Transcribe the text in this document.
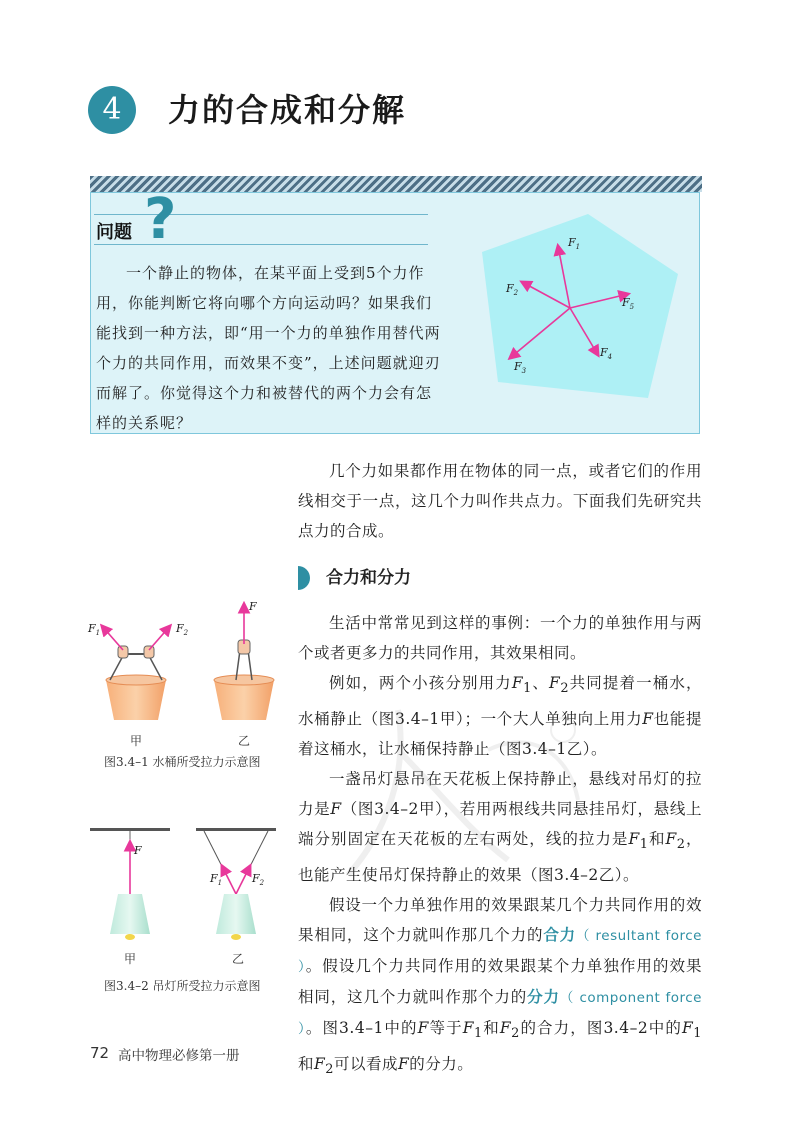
4	力的合成和分解
问题 ?
一个静止的物体，在某平面上受到5个力作用，你能判断它将向哪个方向运动吗？如果我们能找到一种方法，即“用一个力的单独作用替代两个力的共同作用，而效果不变”，上述问题就迎刃而解了。你觉得这个力和被替代的两个力会有怎样的关系呢？
$F_1$
$F_2$
$F_3$
$F_4$
$F_5$
几个力如果都作用在物体的同一点，或者它们的作用线相交于一点，这几个力叫作共点力。下面我们先研究共点力的合成。
合力和分力
生活中常常见到这样的事例：一个力的单独作用与两个或者更多力的共同作用，其效果相同。
例如，两个小孩分别用力$F_1$、$F_2$共同提着一桶水，水桶静止（图3.4–1甲）；一个大人单独向上用力F也能提着这桶水，让水桶保持静止（图3.4–1乙）。
一盏吊灯悬吊在天花板上保持静止，悬线对吊灯的拉力是F（图3.4–2甲），若用两根线共同悬挂吊灯，悬线上端分别固定在天花板的左右两处，线的拉力是$F_1$和$F_2$，也能产生使吊灯保持静止的效果（图3.4–2乙）。
假设一个力单独作用的效果跟某几个力共同作用的效果相同，这个力就叫作那几个力的合力（ resultant force ）。假设几个力共同作用的效果跟某个力单独作用的效果相同，这几个力就叫作那个力的分力（ component force ）。图3.4–1中的F等于$F_1$和$F_2$的合力，图3.4–2中的$F_1$和$F_2$可以看成F的分力。
$F_1$	$F_2$
F
甲	乙
图3.4–1 水桶所受拉力示意图
F
$F_1$	$F_2$
甲	乙
图3.4–2 吊灯所受拉力示意图
72 高中物理必修第一册
